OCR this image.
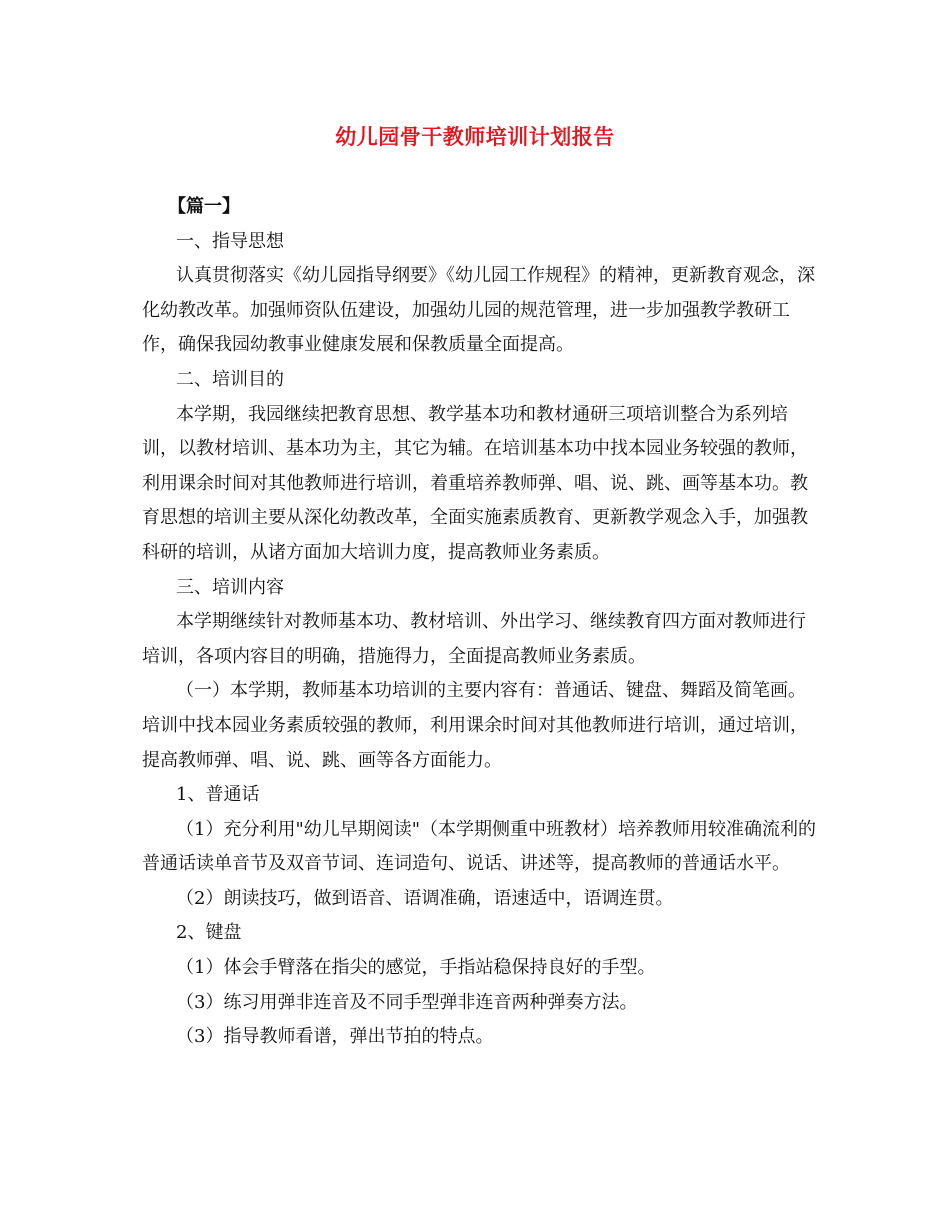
幼儿园骨干教师培训计划报告

【篇一】

一、指导思想

认真贯彻落实《幼儿园指导纲要》《幼儿园工作规程》的精神，更新教育观念，深化幼教改革。加强师资队伍建设，加强幼儿园的规范管理，进一步加强教学教研工作，确保我园幼教事业健康发展和保教质量全面提高。

二、培训目的

本学期，我园继续把教育思想、教学基本功和教材通研三项培训整合为系列培训，以教材培训、基本功为主，其它为辅。在培训基本功中找本园业务较强的教师，利用课余时间对其他教师进行培训，着重培养教师弹、唱、说、跳、画等基本功。教育思想的培训主要从深化幼教改革，全面实施素质教育、更新教学观念入手，加强教科研的培训，从诸方面加大培训力度，提高教师业务素质。

三、培训内容

本学期继续针对教师基本功、教材培训、外出学习、继续教育四方面对教师进行培训，各项内容目的明确，措施得力，全面提高教师业务素质。

（一）本学期，教师基本功培训的主要内容有：普通话、键盘、舞蹈及简笔画。培训中找本园业务素质较强的教师，利用课余时间对其他教师进行培训，通过培训，提高教师弹、唱、说、跳、画等各方面能力。

1、普通话

（1）充分利用"幼儿早期阅读"（本学期侧重中班教材）培养教师用较准确流利的普通话读单音节及双音节词、连词造句、说话、讲述等，提高教师的普通话水平。

（2）朗读技巧，做到语音、语调准确，语速适中，语调连贯。

2、键盘

（1）体会手臂落在指尖的感觉，手指站稳保持良好的手型。

（3）练习用弹非连音及不同手型弹非连音两种弹奏方法。

（3）指导教师看谱，弹出节拍的特点。
